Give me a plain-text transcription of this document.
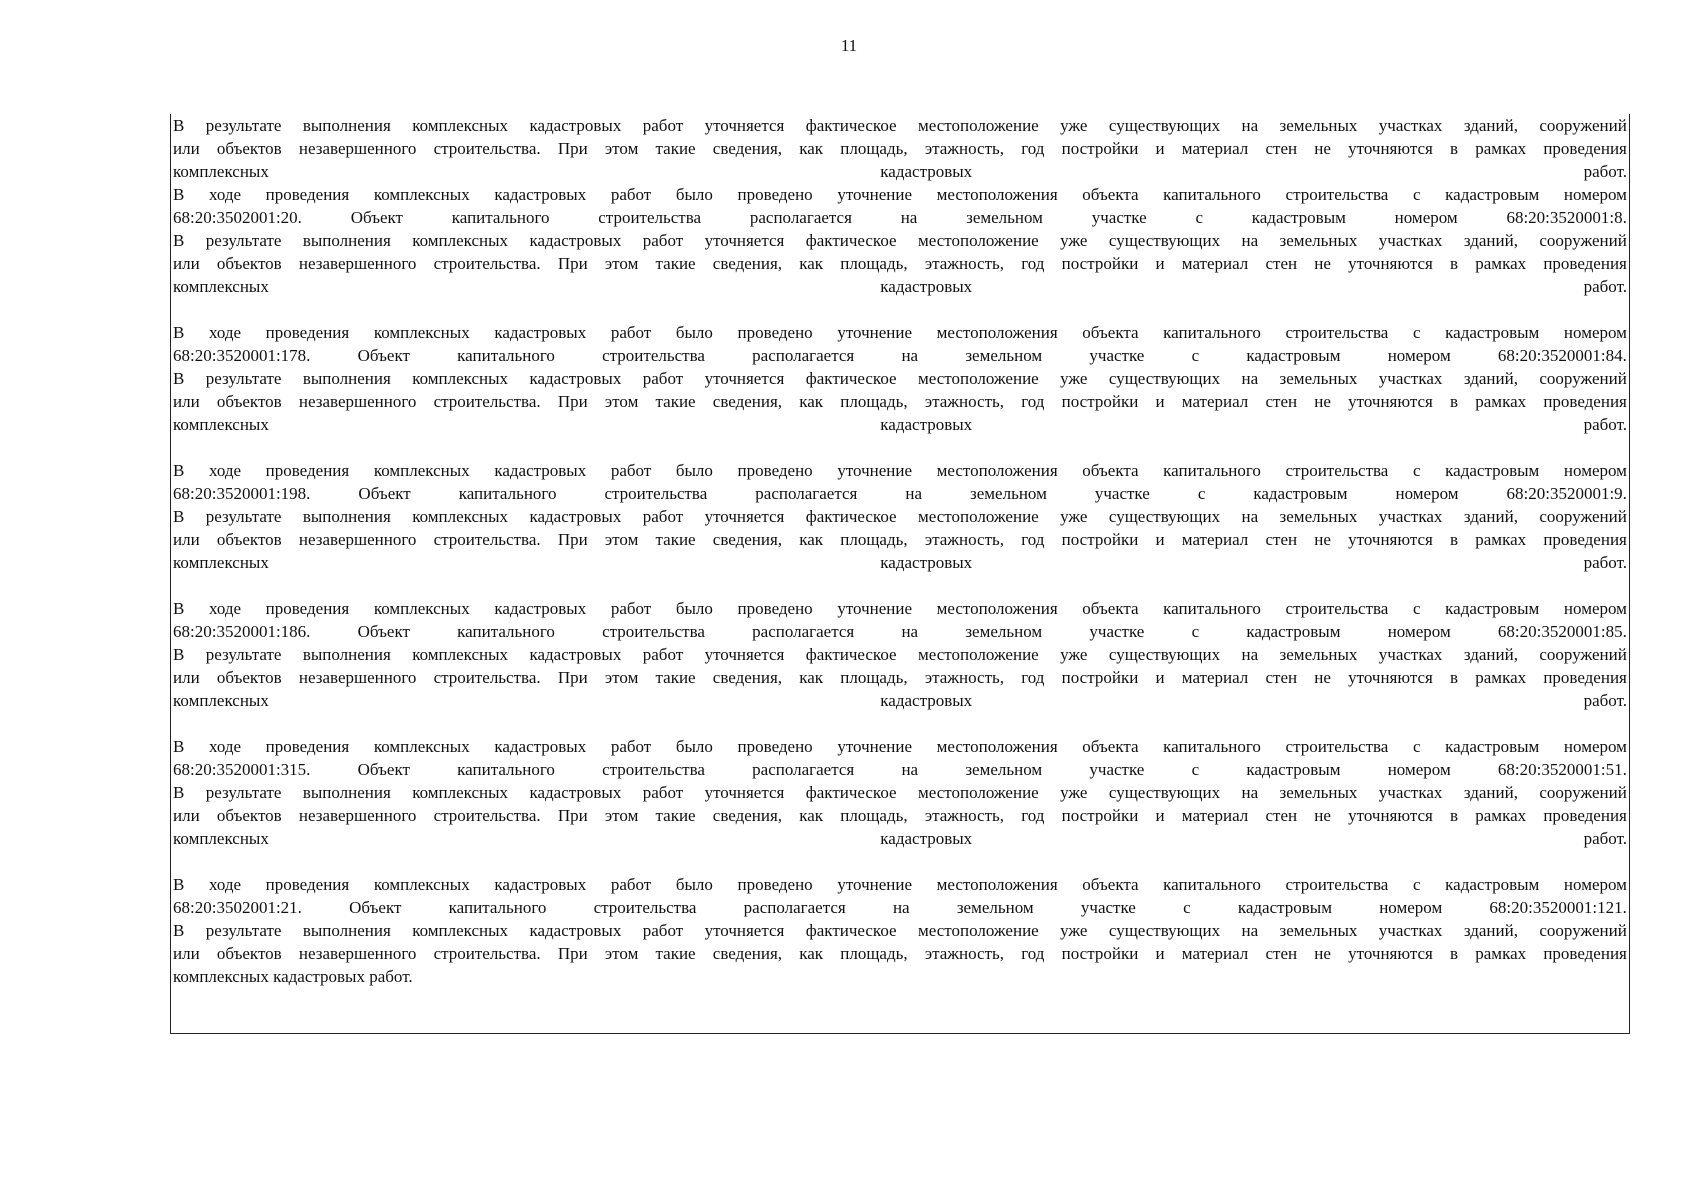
11
В результате выполнения комплексных кадастровых работ уточняется фактическое местоположение уже существующих на земельных участках зданий, сооружений
или объектов незавершенного строительства. При этом такие сведения, как площадь, этажность, год постройки и материал стен не уточняются в рамках проведения
комплексных	кадастровых	работ.
В ходе проведения комплексных кадастровых работ было проведено уточнение местоположения объекта капитального строительства с кадастровым номером
68:20:3502001:20.	Объект	капитального	строительства	располагается	на	земельном	участке	с	кадастровым	номером	68:20:3520001:8.
В результате выполнения комплексных кадастровых работ уточняется фактическое местоположение уже существующих на земельных участках зданий, сооружений
или объектов незавершенного строительства. При этом такие сведения, как площадь, этажность, год постройки и материал стен не уточняются в рамках проведения
комплексных	кадастровых	работ.
В ходе проведения комплексных кадастровых работ было проведено уточнение местоположения объекта капитального строительства с кадастровым номером
68:20:3520001:178.	Объект	капитального	строительства	располагается	на	земельном	участке	с	кадастровым	номером	68:20:3520001:84.
В результате выполнения комплексных кадастровых работ уточняется фактическое местоположение уже существующих на земельных участках зданий, сооружений
или объектов незавершенного строительства. При этом такие сведения, как площадь, этажность, год постройки и материал стен не уточняются в рамках проведения
комплексных	кадастровых	работ.
В ходе проведения комплексных кадастровых работ было проведено уточнение местоположения объекта капитального строительства с кадастровым номером
68:20:3520001:198.	Объект	капитального	строительства	располагается	на	земельном	участке	с	кадастровым	номером	68:20:3520001:9.
В результате выполнения комплексных кадастровых работ уточняется фактическое местоположение уже существующих на земельных участках зданий, сооружений
или объектов незавершенного строительства. При этом такие сведения, как площадь, этажность, год постройки и материал стен не уточняются в рамках проведения
комплексных	кадастровых	работ.
В ходе проведения комплексных кадастровых работ было проведено уточнение местоположения объекта капитального строительства с кадастровым номером
68:20:3520001:186.	Объект	капитального	строительства	располагается	на	земельном	участке	с	кадастровым	номером	68:20:3520001:85.
В результате выполнения комплексных кадастровых работ уточняется фактическое местоположение уже существующих на земельных участках зданий, сооружений
или объектов незавершенного строительства. При этом такие сведения, как площадь, этажность, год постройки и материал стен не уточняются в рамках проведения
комплексных	кадастровых	работ.
В ходе проведения комплексных кадастровых работ было проведено уточнение местоположения объекта капитального строительства с кадастровым номером
68:20:3520001:315.	Объект	капитального	строительства	располагается	на	земельном	участке	с	кадастровым	номером	68:20:3520001:51.
В результате выполнения комплексных кадастровых работ уточняется фактическое местоположение уже существующих на земельных участках зданий, сооружений
или объектов незавершенного строительства. При этом такие сведения, как площадь, этажность, год постройки и материал стен не уточняются в рамках проведения
комплексных	кадастровых	работ.
В ходе проведения комплексных кадастровых работ было проведено уточнение местоположения объекта капитального строительства с кадастровым номером
68:20:3502001:21.	Объект	капитального	строительства	располагается	на	земельном	участке	с	кадастровым	номером	68:20:3520001:121.
В результате выполнения комплексных кадастровых работ уточняется фактическое местоположение уже существующих на земельных участках зданий, сооружений
или объектов незавершенного строительства. При этом такие сведения, как площадь, этажность, год постройки и материал стен не уточняются в рамках проведения
комплексных кадастровых работ.
